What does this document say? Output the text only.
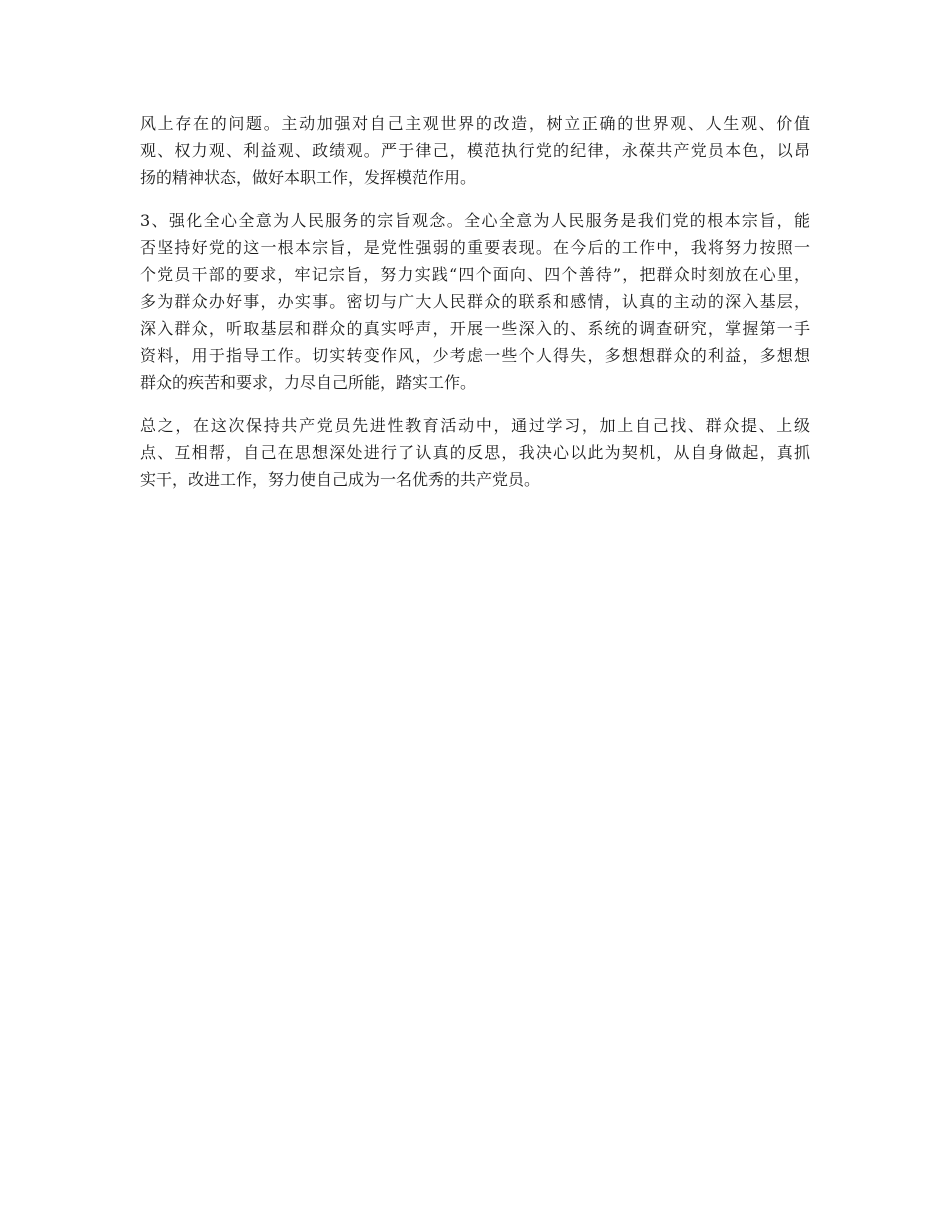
风上存在的问题。主动加强对自己主观世界的改造，树立正确的世界观、人生观、价值
观、权力观、利益观、政绩观。严于律己，模范执行党的纪律，永葆共产党员本色，以昂
扬的精神状态，做好本职工作，发挥模范作用。

3、强化全心全意为人民服务的宗旨观念。全心全意为人民服务是我们党的根本宗旨，能
否坚持好党的这一根本宗旨，是党性强弱的重要表现。在今后的工作中，我将努力按照一
个党员干部的要求，牢记宗旨，努力实践“四个面向、四个善待”，把群众时刻放在心里，
多为群众办好事，办实事。密切与广大人民群众的联系和感情，认真的主动的深入基层，
深入群众，听取基层和群众的真实呼声，开展一些深入的、系统的调查研究，掌握第一手
资料，用于指导工作。切实转变作风，少考虑一些个人得失，多想想群众的利益，多想想
群众的疾苦和要求，力尽自己所能，踏实工作。

总之，在这次保持共产党员先进性教育活动中，通过学习，加上自己找、群众提、上级
点、互相帮，自己在思想深处进行了认真的反思，我决心以此为契机，从自身做起，真抓
实干，改进工作，努力使自己成为一名优秀的共产党员。
